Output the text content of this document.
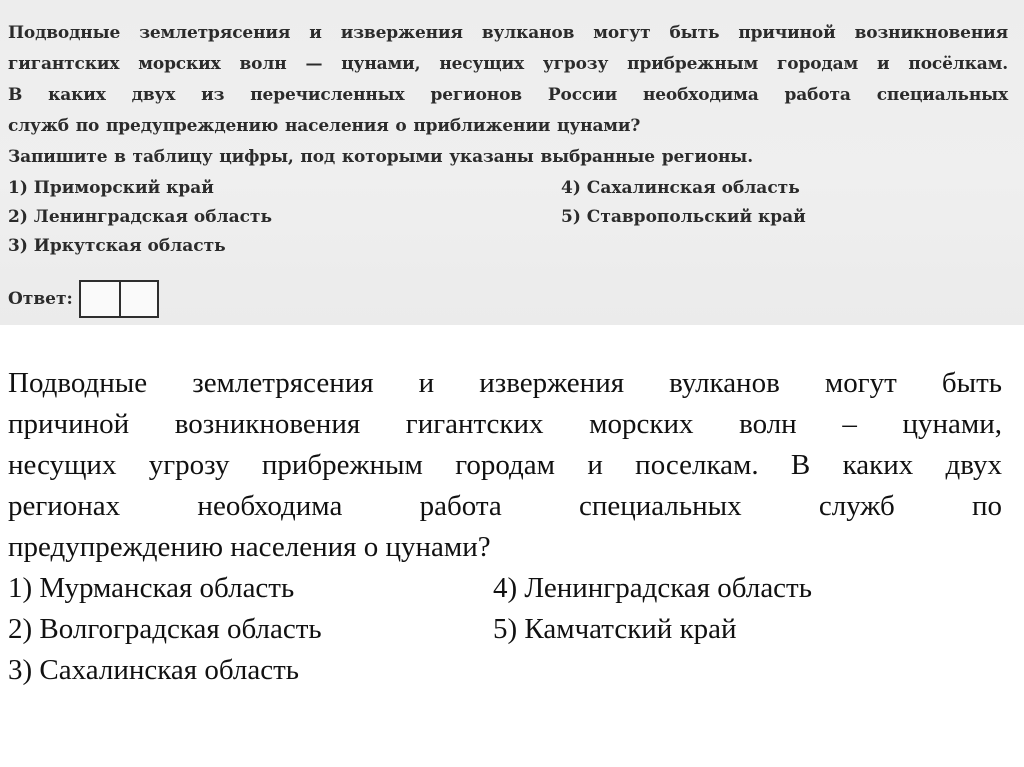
Подводные землетрясения и извержения вулканов могут быть причиной возникновения
гигантских морских волн — цунами, несущих угрозу прибрежным городам и посёлкам.
В каких двух из перечисленных регионов России необходима работа специальных
служб по предупреждению населения о приближении цунами?
Запишите в таблицу цифры, под которыми указаны выбранные регионы.
1) Приморский край
2) Ленинградская область
3) Иркутская область
4) Сахалинская область
5) Ставропольский край
Ответ:
Подводные землетрясения и извержения вулканов могут быть
причиной возникновения гигантских морских волн – цунами,
несущих угрозу прибрежным городам и поселкам. В каких двух
регионах необходима работа специальных служб по
предупреждению населения о цунами?
1) Мурманская область
2) Волгоградская область
3) Сахалинская область
4) Ленинградская область
5) Камчатский край
